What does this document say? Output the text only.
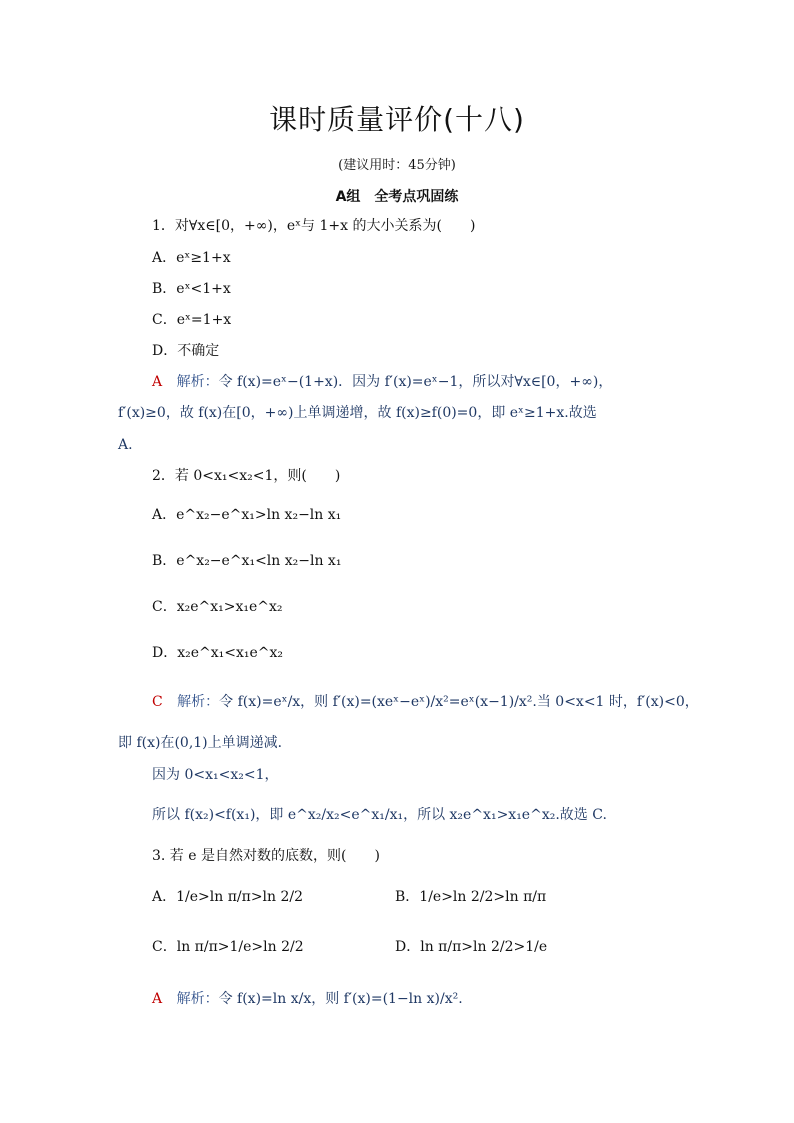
课时质量评价(十八)
(建议用时：45分钟)
A组　全考点巩固练
1．对∀x∈[0，+∞)，eˣ与 1+x 的大小关系为(　　)
A．eˣ≥1+x
B．eˣ<1+x
C．eˣ=1+x
D．不确定
A 解析：令 f(x)=eˣ−(1+x)．因为 f′(x)=eˣ−1，所以对∀x∈[0，+∞)，
f′(x)≥0，故 f(x)在[0，+∞)上单调递增，故 f(x)≥f(0)=0，即 eˣ≥1+x.故选
A.
2．若 0<x₁<x₂<1，则(　　)
A．e^x₂−e^x₁>ln x₂−ln x₁
B．e^x₂−e^x₁<ln x₂−ln x₁
C．x₂e^x₁>x₁e^x₂
D．x₂e^x₁<x₁e^x₂
C 解析：令 f(x)=eˣ/x，则 f′(x)=(xeˣ−eˣ)/x²=eˣ(x−1)/x².当 0<x<1 时，f′(x)<0，
即 f(x)在(0,1)上单调递减．
因为 0<x₁<x₂<1，
所以 f(x₂)<f(x₁)，即 e^x₂/x₂<e^x₁/x₁，所以 x₂e^x₁>x₁e^x₂.故选 C.
3. 若 e 是自然对数的底数，则(　　)
A．1/e>ln π/π>ln 2/2	B．1/e>ln 2/2>ln π/π
C．ln π/π>1/e>ln 2/2	D．ln π/π>ln 2/2>1/e
A 解析：令 f(x)=ln x/x，则 f′(x)=(1−ln x)/x².
